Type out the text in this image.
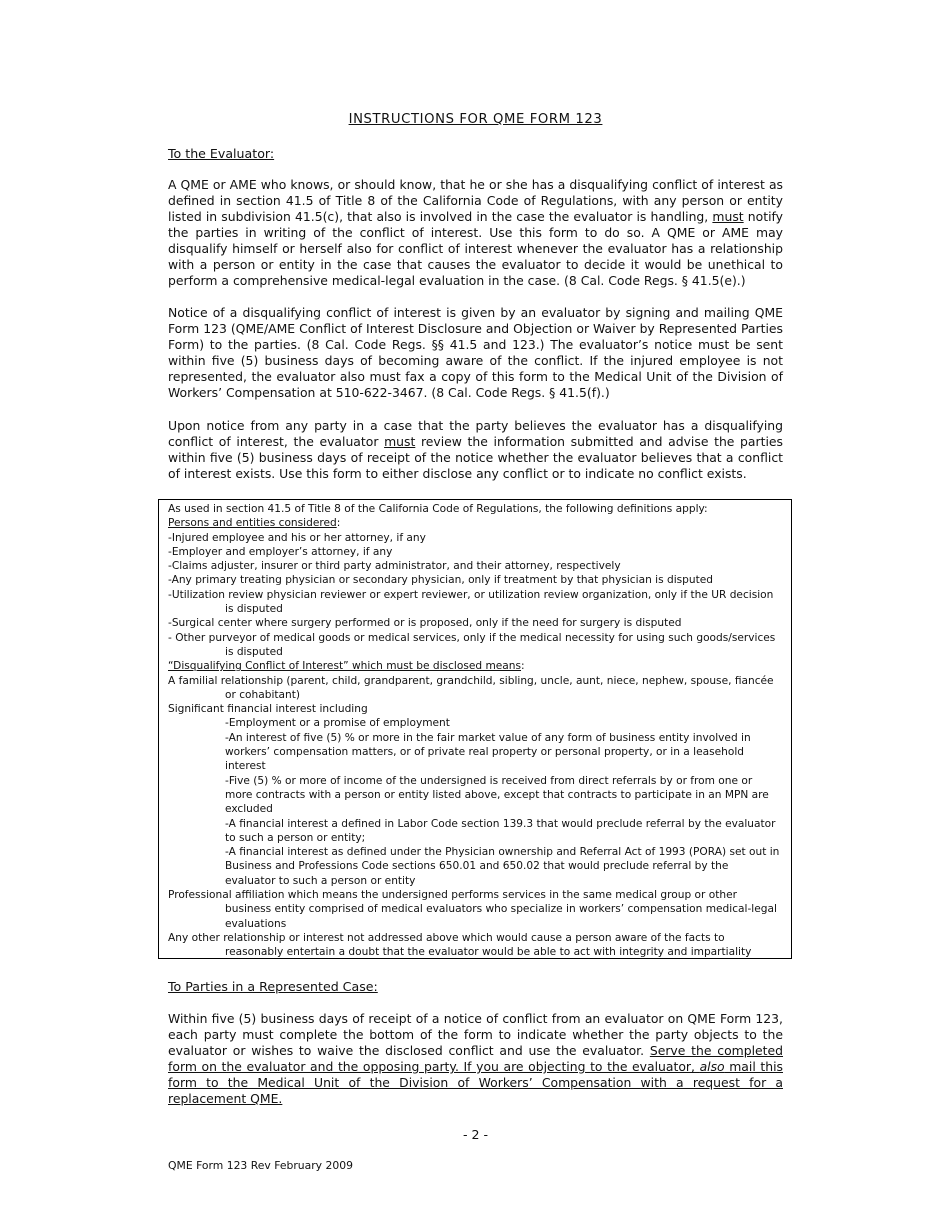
INSTRUCTIONS FOR QME FORM 123
To the Evaluator:

A QME or AME who knows, or should know, that he or she has a disqualifying conflict of interest as defined in section 41.5 of Title 8 of the California Code of Regulations, with any person or entity listed in subdivision 41.5(c), that also is involved in the case the evaluator is handling, must notify the parties in writing of the conflict of interest. Use this form to do so. A QME or AME may disqualify himself or herself also for conflict of interest whenever the evaluator has a relationship with a person or entity in the case that causes the evaluator to decide it would be unethical to perform a comprehensive medical-legal evaluation in the case. (8 Cal. Code Regs. § 41.5(e).)

Notice of a disqualifying conflict of interest is given by an evaluator by signing and mailing QME Form 123 (QME/AME Conflict of Interest Disclosure and Objection or Waiver by Represented Parties Form) to the parties. (8 Cal. Code Regs. §§ 41.5 and 123.) The evaluator’s notice must be sent within five (5) business days of becoming aware of the conflict. If the injured employee is not represented, the evaluator also must fax a copy of this form to the Medical Unit of the Division of Workers’ Compensation at 510-622-3467. (8 Cal. Code Regs. § 41.5(f).)

Upon notice from any party in a case that the party believes the evaluator has a disqualifying conflict of interest, the evaluator must review the information submitted and advise the parties within five (5) business days of receipt of the notice whether the evaluator believes that a conflict of interest exists. Use this form to either disclose any conflict or to indicate no conflict exists.

As used in section 41.5 of Title 8 of the California Code of Regulations, the following definitions apply:
Persons and entities considered:
-Injured employee and his or her attorney, if any
-Employer and employer’s attorney, if any
-Claims adjuster, insurer or third party administrator, and their attorney, respectively
-Any primary treating physician or secondary physician, only if treatment by that physician is disputed
-Utilization review physician reviewer or expert reviewer, or utilization review organization, only if the UR decision is disputed
-Surgical center where surgery performed or is proposed, only if the need for surgery is disputed
- Other purveyor of medical goods or medical services, only if the medical necessity for using such goods/services is disputed
“Disqualifying Conflict of Interest” which must be disclosed means:
A familial relationship (parent, child, grandparent, grandchild, sibling, uncle, aunt, niece, nephew, spouse, fiancée or cohabitant)
Significant financial interest including
-Employment or a promise of employment
-An interest of five (5) % or more in the fair market value of any form of business entity involved in workers’ compensation matters, or of private real property or personal property, or in a leasehold interest
-Five (5) % or more of income of the undersigned is received from direct referrals by or from one or more contracts with a person or entity listed above, except that contracts to participate in an MPN are excluded
-A financial interest a defined in Labor Code section 139.3 that would preclude referral by the evaluator to such a person or entity;
-A financial interest as defined under the Physician ownership and Referral Act of 1993 (PORA) set out in Business and Professions Code sections 650.01 and 650.02 that would preclude referral by the evaluator to such a person or entity
Professional affiliation which means the undersigned performs services in the same medical group or other business entity comprised of medical evaluators who specialize in workers’ compensation medical-legal evaluations
Any other relationship or interest not addressed above which would cause a person aware of the facts to reasonably entertain a doubt that the evaluator would be able to act with integrity and impartiality
To Parties in a Represented Case:

Within five (5) business days of receipt of a notice of conflict from an evaluator on QME Form 123, each party must complete the bottom of the form to indicate whether the party objects to the evaluator or wishes to waive the disclosed conflict and use the evaluator. Serve the completed form on the evaluator and the opposing party. If you are objecting to the evaluator, also mail this form to the Medical Unit of the Division of Workers’ Compensation with a request for a replacement QME.

- 2 -
QME Form 123 Rev February 2009
